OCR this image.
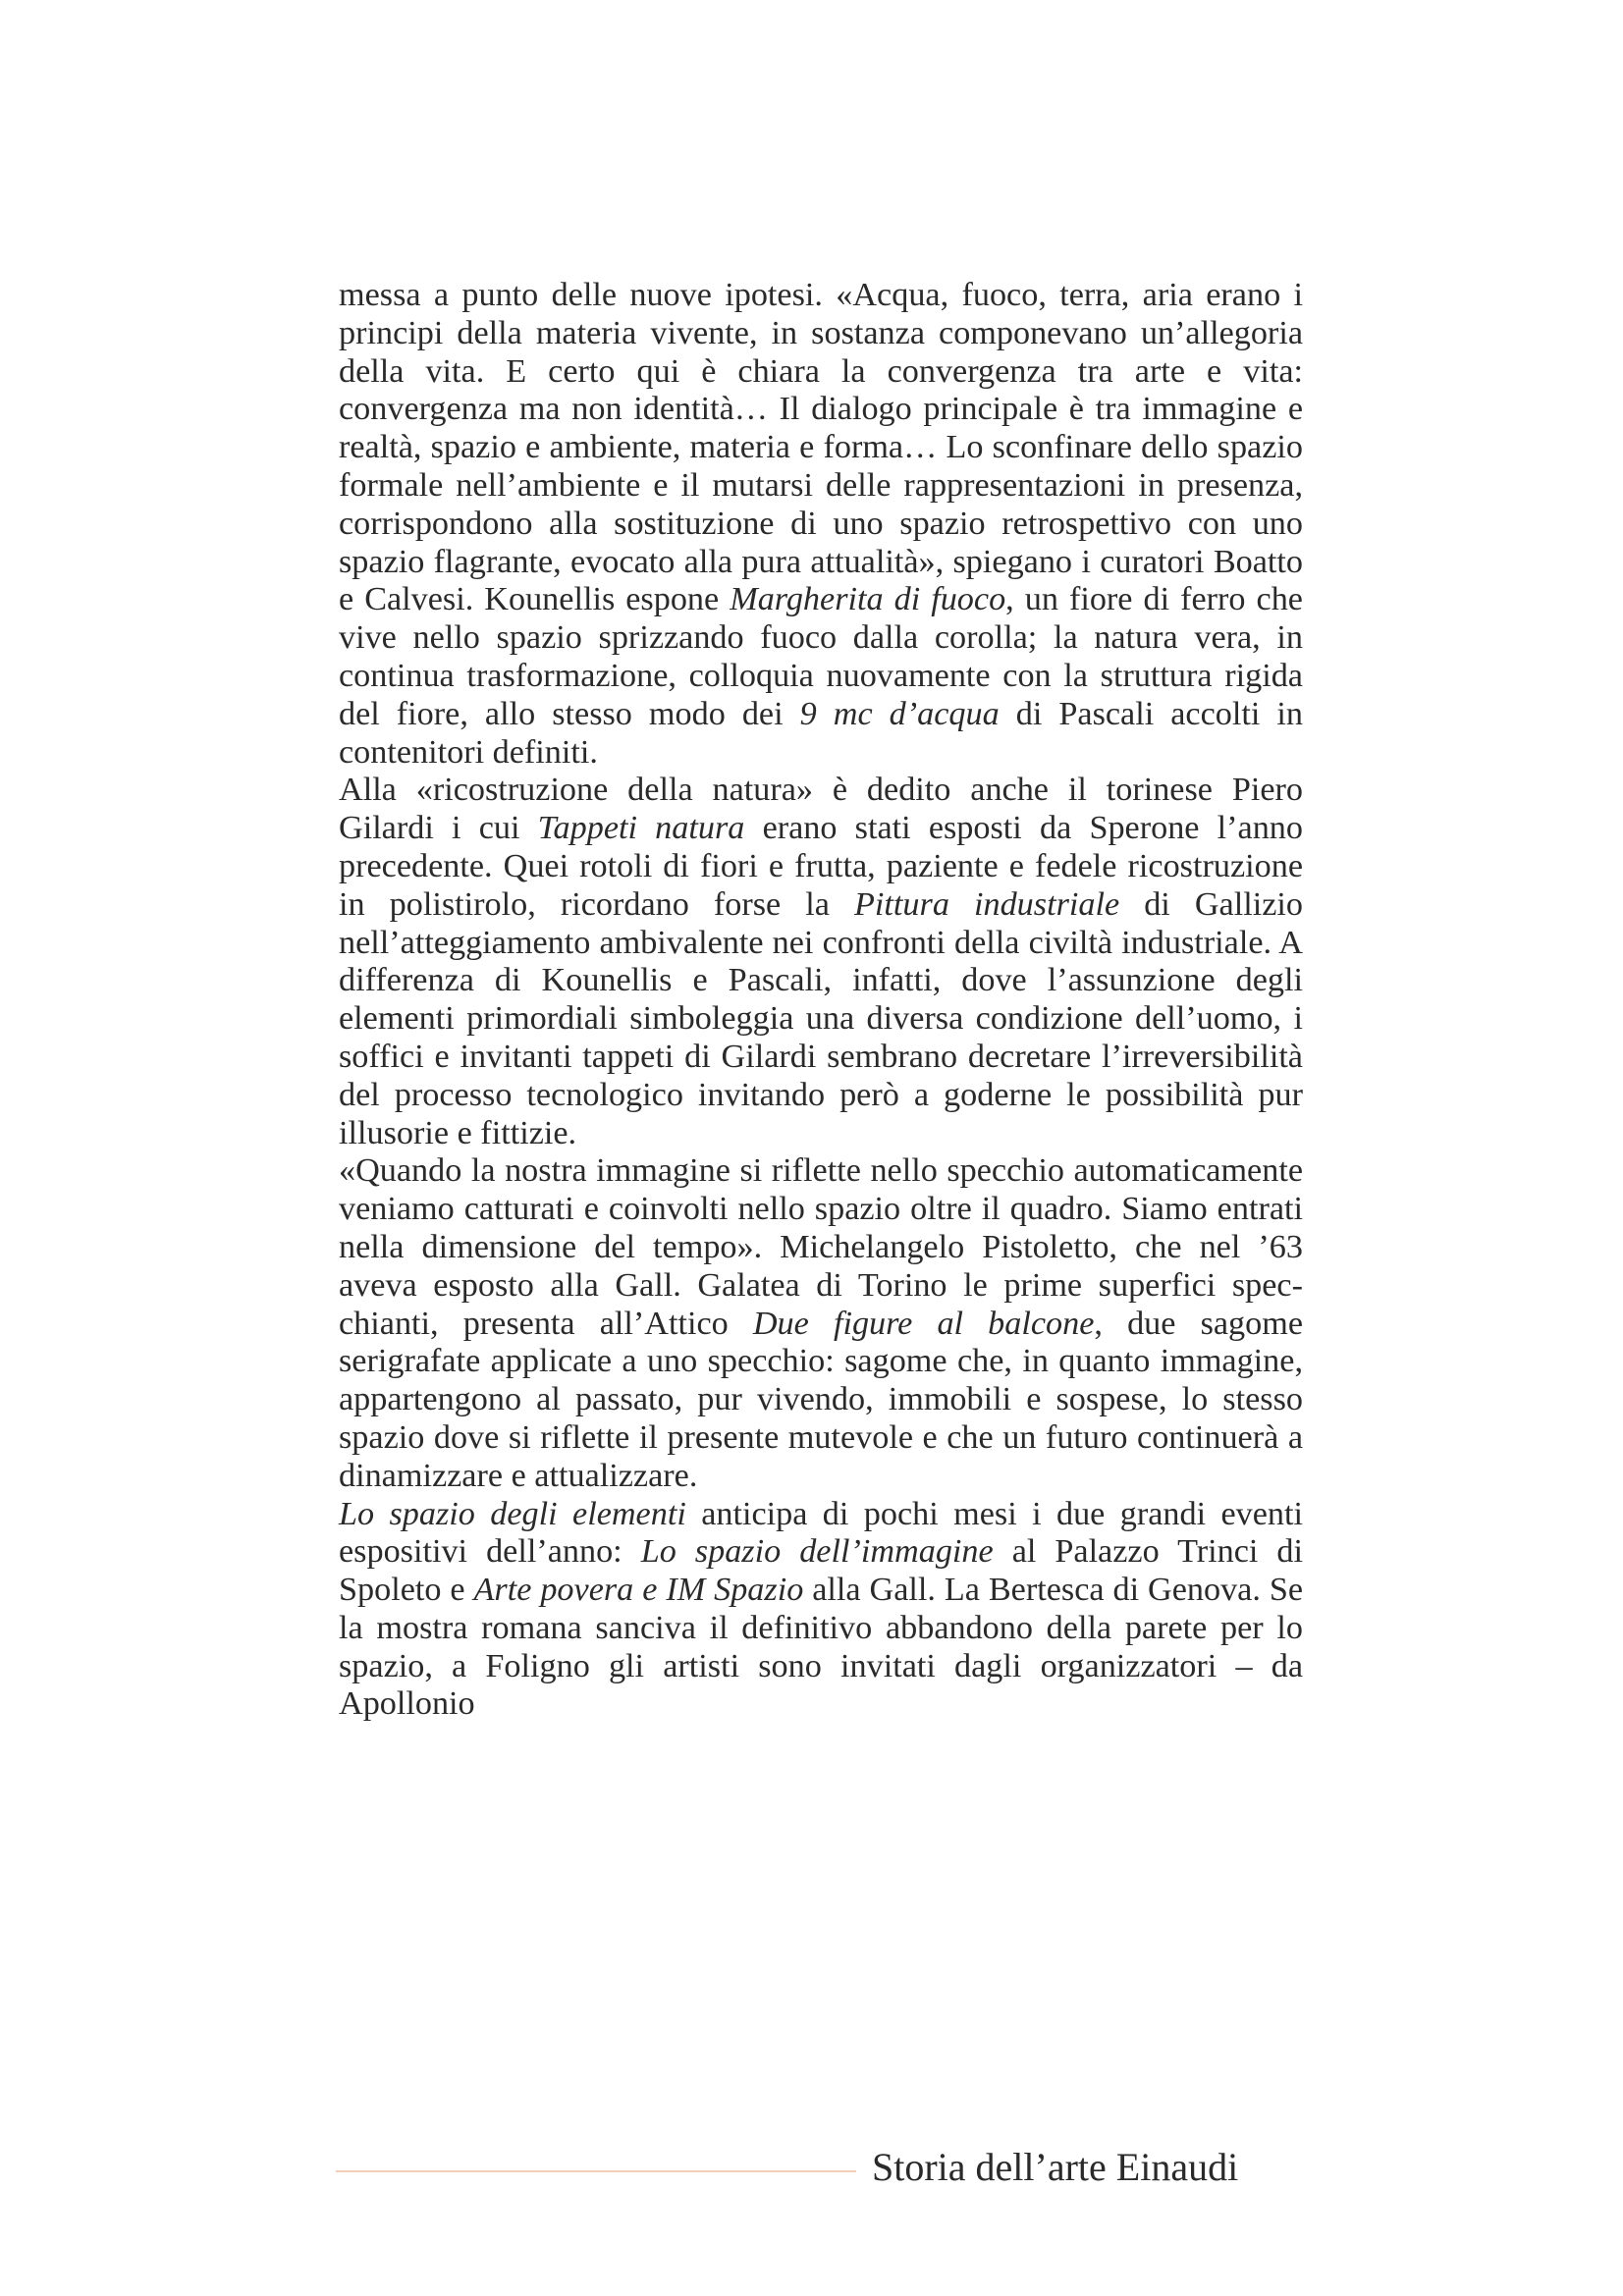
messa a punto delle nuove ipotesi. «Acqua, fuoco, terra, aria erano i principi della materia vivente, in sostanza componevano un’allegoria della vita. E certo qui è chiara la convergenza tra arte e vita: convergenza ma non identità… Il dialogo principale è tra immagine e realtà, spazio e ambiente, materia e forma… Lo sconfinare dello spazio formale nell’ambiente e il mutarsi delle rappresentazioni in presenza, corrispondono alla sostituzione di uno spazio retrospettivo con uno spazio flagrante, evocato alla pura attualità», spiegano i curatori Boatto e Calvesi. Kounellis espone Margherita di fuoco, un fiore di ferro che vive nello spazio sprizzando fuoco dalla corolla; la natura vera, in continua trasformazione, colloquia nuovamente con la struttura rigida del fiore, allo stesso modo dei 9 mc d’acqua di Pascali accolti in contenitori definiti.

Alla «ricostruzione della natura» è dedito anche il torinese Piero Gilardi i cui Tappeti natura erano stati esposti da Sperone l’anno precedente. Quei rotoli di fiori e frutta, paziente e fedele ricostruzione in polistirolo, ricordano forse la Pittura industriale di Gallizio nell’atteggiamento ambivalente nei confronti della civiltà industriale. A differenza di Kounellis e Pascali, infatti, dove l’assunzione degli elementi primordiali simboleggia una diversa condizione dell’uomo, i soffici e invitanti tappeti di Gilardi sembrano decretare l’irreversibilità del processo tecnologico invitando però a goderne le possibilità pur illusorie e fittizie.

«Quando la nostra immagine si riflette nello specchio automaticamente veniamo catturati e coinvolti nello spazio oltre il quadro. Siamo entrati nella dimensione del tempo». Michelangelo Pistoletto, che nel ’63 aveva esposto alla Gall. Galatea di Torino le prime superfici specchianti, presenta all’Attico Due figure al balcone, due sagome serigrafate applicate a uno specchio: sagome che, in quanto immagine, appartengono al passato, pur vivendo, immobili e sospese, lo stesso spazio dove si riflette il presente mutevole e che un futuro continuerà a dinamizzare e attualizzare.

Lo spazio degli elementi anticipa di pochi mesi i due grandi eventi espositivi dell’anno: Lo spazio dell’immagine al Palazzo Trinci di Spoleto e Arte povera e IM Spazio alla Gall. La Bertesca di Genova. Se la mostra romana sanciva il definitivo abbandono della parete per lo spazio, a Foligno gli artisti sono invitati dagli organizzatori – da Apollonio

Storia dell’arte Einaudi
